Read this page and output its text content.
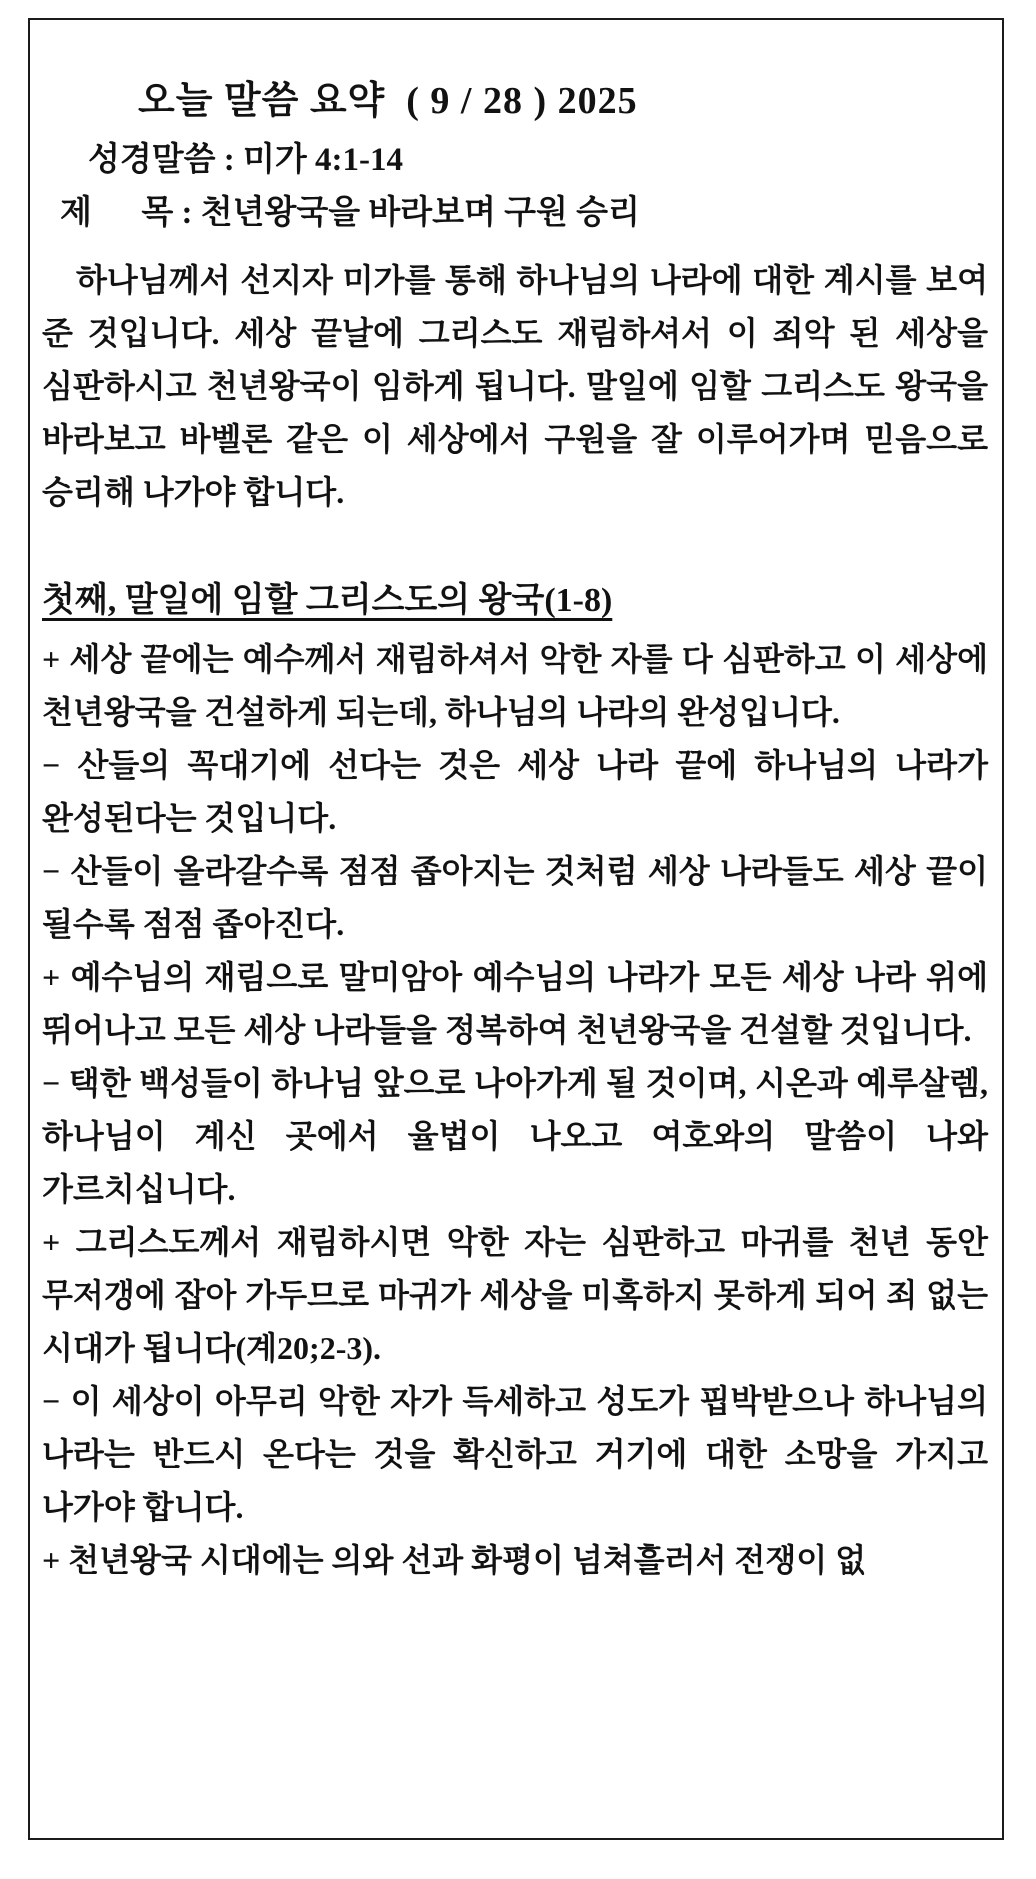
오늘 말씀 요약  ( 9 / 28 ) 2025
성경말씀 : 미가 4:1-14
제      목 : 천년왕국을 바라보며 구원 승리
하나님께서 선지자 미가를 통해 하나님의 나라에 대한 계시를 보여 준 것입니다. 세상 끝날에 그리스도 재림하셔서 이 죄악 된 세상을 심판하시고 천년왕국이 임하게 됩니다. 말일에 임할 그리스도 왕국을 바라보고 바벨론 같은 이 세상에서 구원을 잘 이루어가며 믿음으로 승리해 나가야 합니다.
첫째, 말일에 임할 그리스도의 왕국(1-8)
+ 세상 끝에는 예수께서 재림하셔서 악한 자를 다 심판하고 이 세상에 천년왕국을 건설하게 되는데, 하나님의 나라의 완성입니다.
− 산들의 꼭대기에 선다는 것은 세상 나라 끝에 하나님의 나라가 완성된다는 것입니다.
− 산들이 올라갈수록 점점 좁아지는 것처럼 세상 나라들도 세상 끝이 될수록 점점 좁아진다.
+ 예수님의 재림으로 말미암아 예수님의 나라가 모든 세상 나라 위에 뛰어나고 모든 세상 나라들을 정복하여 천년왕국을 건설할 것입니다.
− 택한 백성들이 하나님 앞으로 나아가게 될 것이며, 시온과 예루살렘, 하나님이 계신 곳에서 율법이 나오고 여호와의 말씀이 나와 가르치십니다.
+ 그리스도께서 재림하시면 악한 자는 심판하고 마귀를 천년 동안 무저갱에 잡아 가두므로 마귀가 세상을 미혹하지 못하게 되어 죄 없는 시대가 됩니다(계20;2-3).
− 이 세상이 아무리 악한 자가 득세하고 성도가 핍박받으나 하나님의 나라는 반드시 온다는 것을 확신하고 거기에 대한 소망을 가지고 나가야 합니다.
+ 천년왕국 시대에는 의와 선과 화평이 넘쳐흘러서 전쟁이 없
